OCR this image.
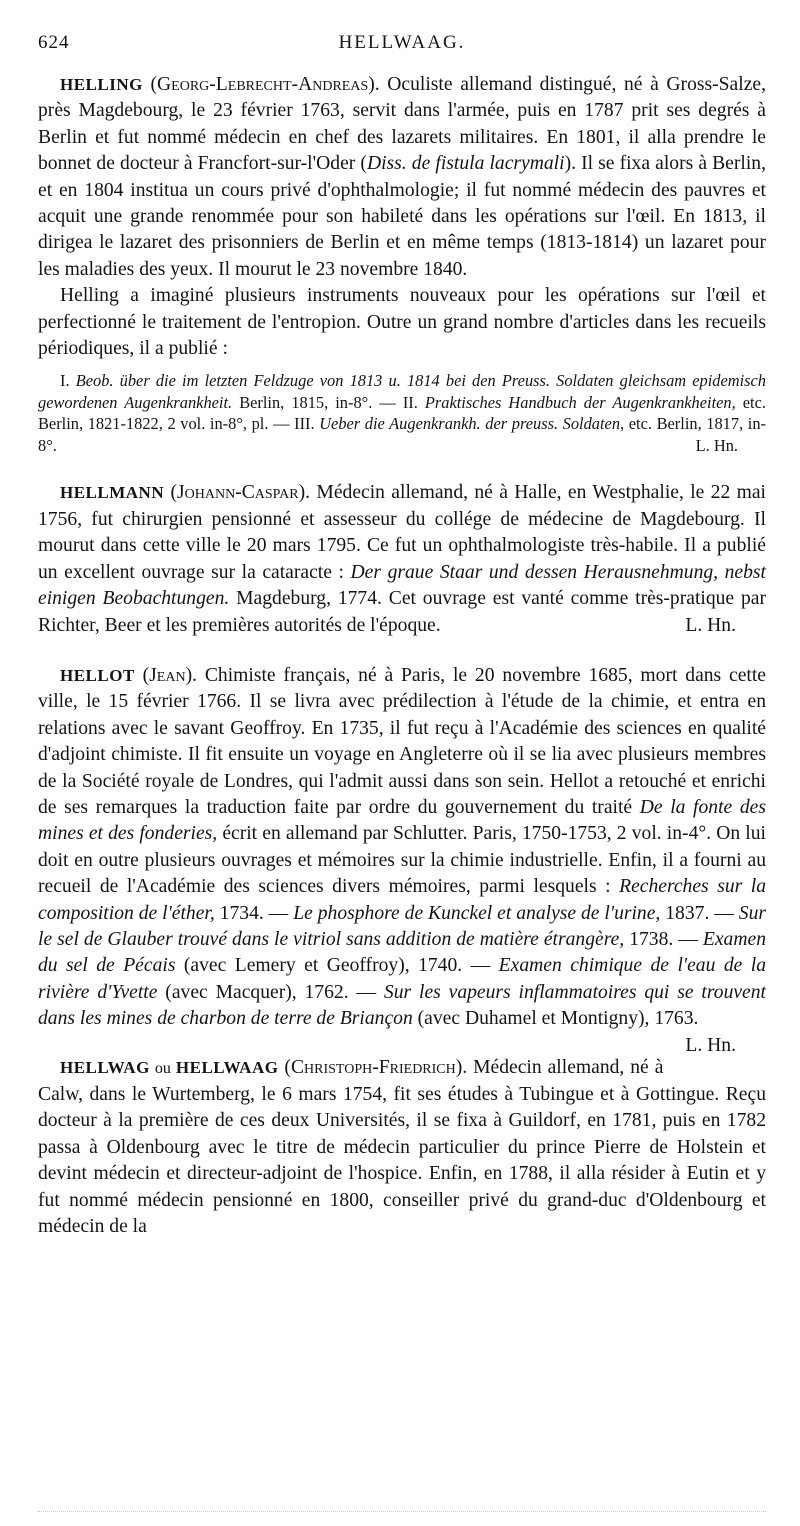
624	HELLWAAG.

HELLING (Georg-Lebrecht-Andreas). Oculiste allemand distingué, né à Gross-Salze, près Magdebourg, le 23 février 1763, servit dans l'armée, puis en 1787 prit ses degrés à Berlin et fut nommé médecin en chef des lazarets militaires. En 1801, il alla prendre le bonnet de docteur à Francfort-sur-l'Oder (Diss. de fistula lacrymali). Il se fixa alors à Berlin, et en 1804 institua un cours privé d'ophthalmologie; il fut nommé médecin des pauvres et acquit une grande renommée pour son habileté dans les opérations sur l'œil. En 1813, il dirigea le lazaret des prisonniers de Berlin et en même temps (1813-1814) un lazaret pour les maladies des yeux. Il mourut le 23 novembre 1840.

Helling a imaginé plusieurs instruments nouveaux pour les opérations sur l'œil et perfectionné le traitement de l'entropion. Outre un grand nombre d'articles dans les recueils périodiques, il a publié :

I. Beob. über die im letzten Feldzuge von 1813 u. 1814 bei den Preuss. Soldaten gleichsam epidemisch gewordenen Augenkrankheit. Berlin, 1815, in-8°. — II. Praktisches Handbuch der Augenkrankheiten, etc. Berlin, 1821-1822, 2 vol. in-8°, pl. — III. Ueber die Augenkrankh. der preuss. Soldaten, etc. Berlin, 1817, in-8°.	L. Hn.

HELLMANN (Johann-Caspar). Médecin allemand, né à Halle, en Westphalie, le 22 mai 1756, fut chirurgien pensionné et assesseur du collége de médecine de Magdebourg. Il mourut dans cette ville le 20 mars 1795. Ce fut un ophthalmologiste très-habile. Il a publié un excellent ouvrage sur la cataracte : Der graue Staar und dessen Herausnehmung, nebst einigen Beobachtungen. Magdeburg, 1774. Cet ouvrage est vanté comme très-pratique par Richter, Beer et les premières autorités de l'époque.	L. Hn.

HELLOT (Jean). Chimiste français, né à Paris, le 20 novembre 1685, mort dans cette ville, le 15 février 1766. Il se livra avec prédilection à l'étude de la chimie, et entra en relations avec le savant Geoffroy. En 1735, il fut reçu à l'Académie des sciences en qualité d'adjoint chimiste. Il fit ensuite un voyage en Angleterre où il se lia avec plusieurs membres de la Société royale de Londres, qui l'admit aussi dans son sein. Hellot a retouché et enrichi de ses remarques la traduction faite par ordre du gouvernement du traité De la fonte des mines et des fonderies, écrit en allemand par Schlutter. Paris, 1750-1753, 2 vol. in-4°. On lui doit en outre plusieurs ouvrages et mémoires sur la chimie industrielle. Enfin, il a fourni au recueil de l'Académie des sciences divers mémoires, parmi lesquels : Recherches sur la composition de l'éther, 1734. — Le phosphore de Kunckel et analyse de l'urine, 1837. — Sur le sel de Glauber trouvé dans le vitriol sans addition de matière étrangère, 1738. — Examen du sel de Pécais (avec Lemery et Geoffroy), 1740. — Examen chimique de l'eau de la rivière d'Yvette (avec Macquer), 1762. — Sur les vapeurs inflammatoires qui se trouvent dans les mines de charbon de terre de Briançon (avec Duhamel et Montigny), 1763.
L. Hn.

HELLWAG ou HELLWAAG (Christoph-Friedrich). Médecin allemand, né à Calw, dans le Wurtemberg, le 6 mars 1754, fit ses études à Tubingue et à Gottingue. Reçu docteur à la première de ces deux Universités, il se fixa à Guildorf, en 1781, puis en 1782 passa à Oldenbourg avec le titre de médecin particulier du prince Pierre de Holstein et devint médecin et directeur-adjoint de l'hospice. Enfin, en 1788, il alla résider à Eutin et y fut nommé médecin pensionné en 1800, conseiller privé du grand-duc d'Oldenbourg et médecin de la
